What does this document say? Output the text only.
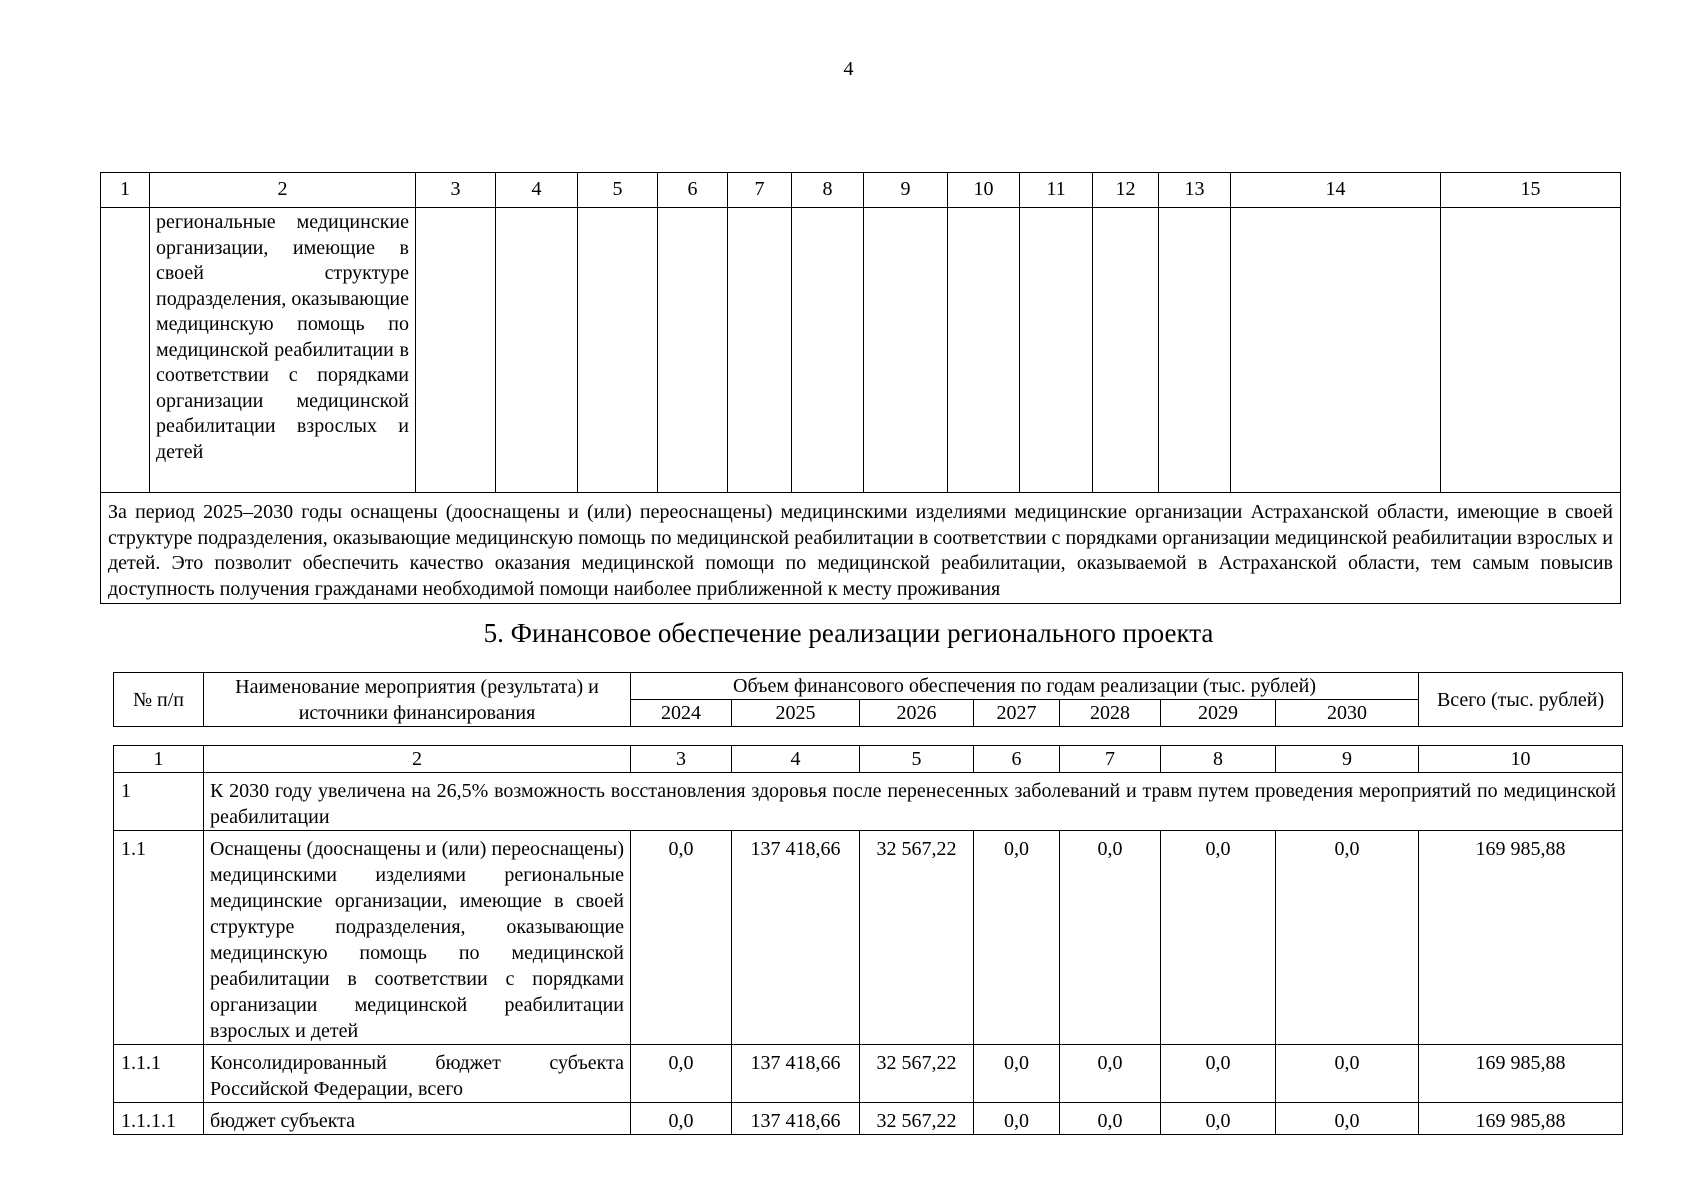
4
1	2	3	4	5	6	7	8	9	10	11	12	13	14	15
	региональные медицинские организации, имеющие в своей структуре подразделения, оказывающие медицинскую помощь по медицинской реабилитации в соответствии с порядками организации медицинской реабилитации взрослых и детей													
За период 2025–2030 годы оснащены (дооснащены и (или) переоснащены) медицинскими изделиями медицинские организации Астраханской области, имеющие в своей структуре подразделения, оказывающие медицинскую помощь по медицинской реабилитации в соответствии с порядками организации медицинской реабилитации взрослых и детей. Это позволит обеспечить качество оказания медицинской помощи по медицинской реабилитации, оказываемой в Астраханской области, тем самым повысив доступность получения гражданами необходимой помощи наиболее приближенной к месту проживания														
5. Финансовое обеспечение реализации регионального проекта
№ п/п	Наименование мероприятия (результата) и источники финансирования	Объем финансового обеспечения по годам реализации (тыс. рублей)							Всего (тыс. рублей)
		2024	2025	2026	2027	2028	2029	2030	
1	2	3	4	5	6	7	8	9	10
1	К 2030 году увеличена на 26,5% возможность восстановления здоровья после перенесенных заболеваний и травм путем проведения мероприятий по медицинской реабилитации								
1.1	Оснащены (дооснащены и (или) переоснащены) медицинскими изделиями региональные медицинские организации, имеющие в своей структуре подразделения, оказывающие медицинскую помощь по медицинской реабилитации в соответствии с порядками организации медицинской реабилитации взрослых и детей	0,0	137 418,66	32 567,22	0,0	0,0	0,0	0,0	169 985,88
1.1.1	Консолидированный бюджет субъекта Российской Федерации, всего	0,0	137 418,66	32 567,22	0,0	0,0	0,0	0,0	169 985,88
1.1.1.1	бюджет субъекта	0,0	137 418,66	32 567,22	0,0	0,0	0,0	0,0	169 985,88
